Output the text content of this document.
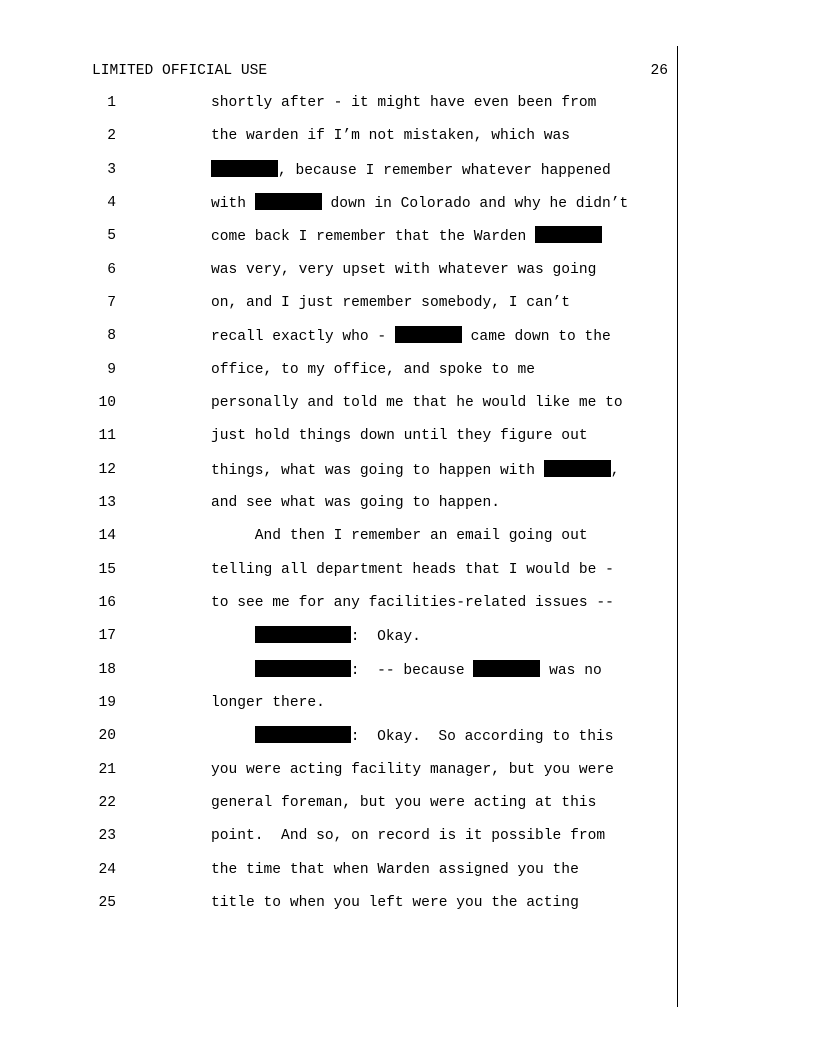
LIMITED OFFICIAL USE	26
1	shortly after - it might have even been from
2	the warden if I’m not mistaken, which was
3	, because I remember whatever happened
4	with	down in Colorado and why he didn’t
5	come back I remember that the Warden
6	was very, very upset with whatever was going
7	on, and I just remember somebody, I can’t
8	recall exactly who -	came down to the
9	office, to my office, and spoke to me
10	personally and told me that he would like me to
11	just hold things down until they figure out
12	things, what was going to happen with	,
13	and see what was going to happen.
14	And then I remember an email going out
15	telling all department heads that I would be -
16	to see me for any facilities-related issues --
17	:  Okay.
18	:  -- because	was no
19	longer there.
20	:  Okay.  So according to this
21	you were acting facility manager, but you were
22	general foreman, but you were acting at this
23	point.  And so, on record is it possible from
24	the time that when Warden assigned you the
25	title to when you left were you the acting
